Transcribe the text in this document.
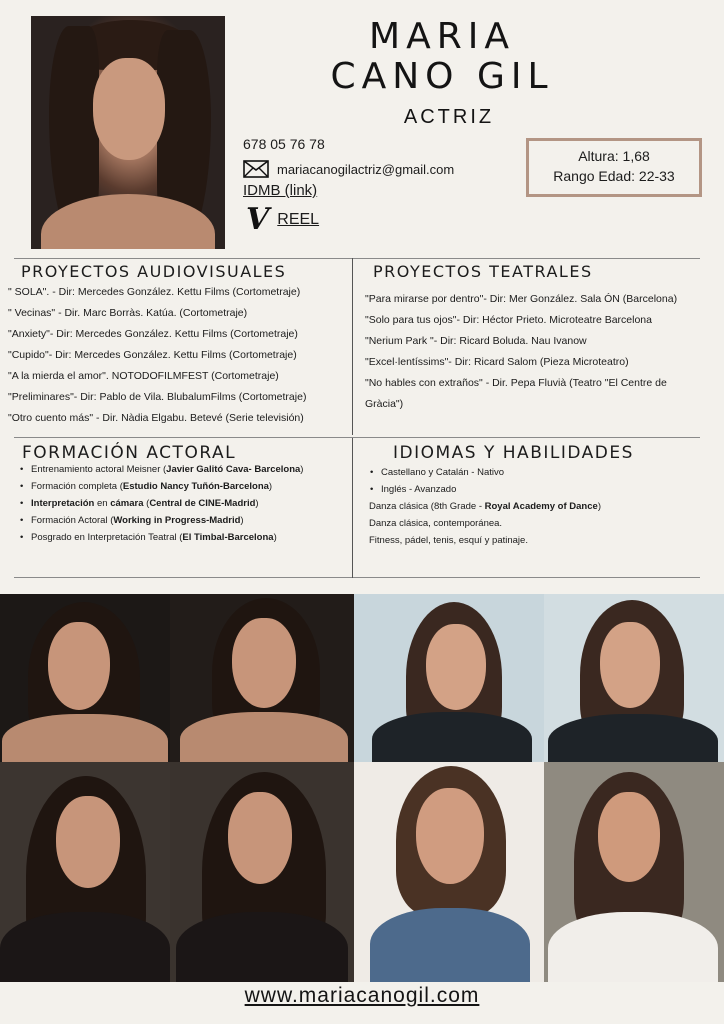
MARIA
CANO GIL
ACTRIZ
678 05 76 78
mariacanogilactriz@gmail.com
IDMB (link)
V REEL
Altura: 1,68
Rango Edad: 22-33
PROYECTOS AUDIOVISUALES
" SOLA". - Dir: Mercedes González. Kettu Films (Cortometraje)
" Vecinas" - Dir. Marc Borràs. Katúa. (Cortometraje)
"Anxiety"- Dir: Mercedes González. Kettu Films (Cortometraje)
"Cupido"- Dir: Mercedes González. Kettu Films (Cortometraje)
"A la mierda el amor". NOTODOFILMFEST (Cortometraje)
"Preliminares"- Dir: Pablo de Vila. BlubalumFilms (Cortometraje)
"Otro cuento más" - Dir. Nàdia Elgabu. Betevé (Serie televisión)
PROYECTOS TEATRALES
"Para mirarse por dentro"- Dir: Mer González. Sala ÓN (Barcelona)
"Solo para tus ojos"- Dir: Héctor Prieto. Microteatre Barcelona
"Nerium Park "- Dir: Ricard Boluda. Nau Ivanow
"Excel·lentíssims"- Dir: Ricard Salom (Pieza Microteatro)
"No hables con extraños" - Dir. Pepa Fluvià (Teatro "El Centre de
Gràcia")
FORMACIÓN ACTORAL
• Entrenamiento actoral Meisner (Javier Galitó Cava- Barcelona)
• Formación completa (Estudio Nancy Tuñón-Barcelona)
• Interpretación en cámara (Central de CINE-Madrid)
• Formación Actoral (Working in Progress-Madrid)
• Posgrado en Interpretación Teatral (El Timbal-Barcelona)
IDIOMAS Y HABILIDADES
• Castellano y Catalán - Nativo
• Inglés - Avanzado
Danza clásica (8th Grade - Royal Academy of Dance)
Danza clásica, contemporánea.
Fitness, pádel, tenis, esquí y patinaje.
www.mariacanogil.com
